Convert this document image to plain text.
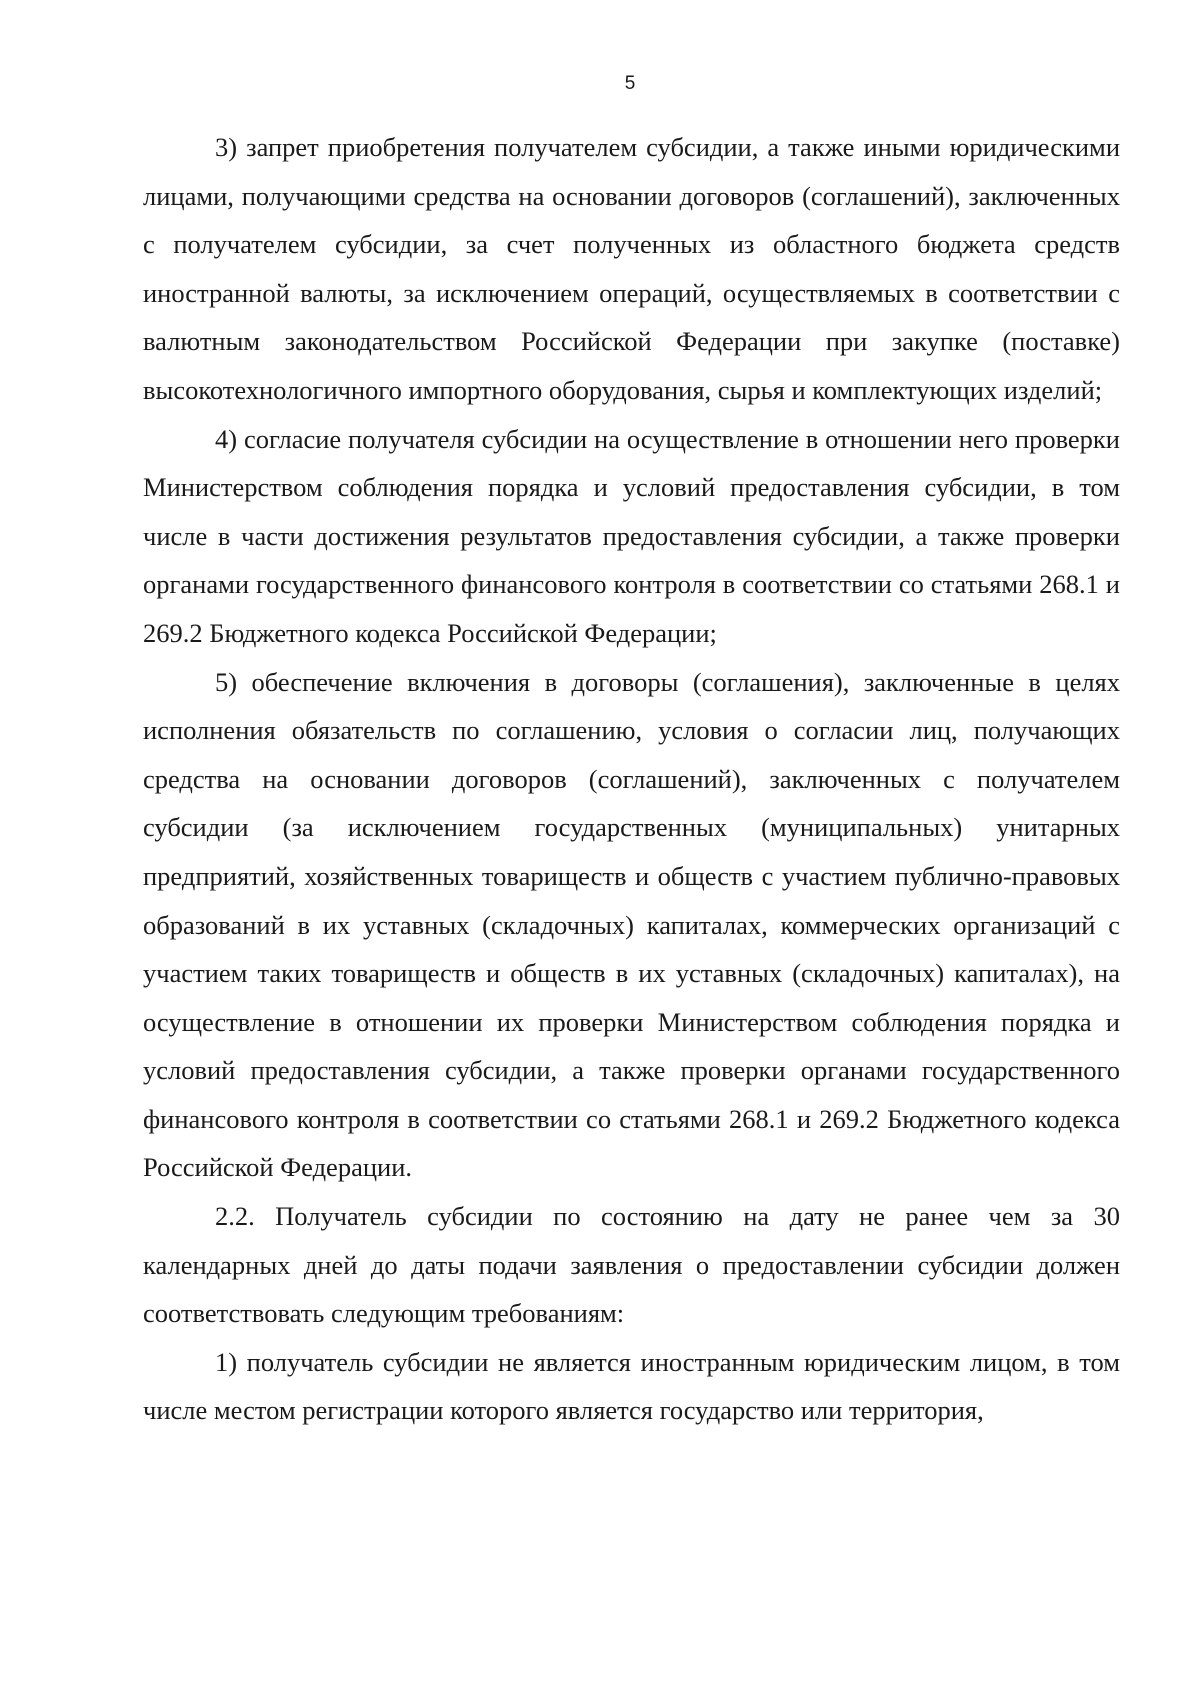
5

3) запрет приобретения получателем субсидии, а также иными юридическими лицами, получающими средства на основании договоров (соглашений), заключенных с получателем субсидии, за счет полученных из областного бюджета средств иностранной валюты, за исключением операций, осуществляемых в соответствии с валютным законодательством Российской Федерации при закупке (поставке) высокотехнологичного импортного оборудования, сырья и комплектующих изделий;

4) согласие получателя субсидии на осуществление в отношении него проверки Министерством соблюдения порядка и условий предоставления субсидии, в том числе в части достижения результатов предоставления субсидии, а также проверки органами государственного финансового контроля в соответствии со статьями 268.1 и 269.2 Бюджетного кодекса Российской Федерации;

5) обеспечение включения в договоры (соглашения), заключенные в целях исполнения обязательств по соглашению, условия о согласии лиц, получающих средства на основании договоров (соглашений), заключенных с получателем субсидии (за исключением государственных (муниципальных) унитарных предприятий, хозяйственных товариществ и обществ с участием публично-правовых образований в их уставных (складочных) капиталах, коммерческих организаций с участием таких товариществ и обществ в их уставных (складочных) капиталах), на осуществление в отношении их проверки Министерством соблюдения порядка и условий предоставления субсидии, а также проверки органами государственного финансового контроля в соответствии со статьями 268.1 и 269.2 Бюджетного кодекса Российской Федерации.

2.2. Получатель субсидии по состоянию на дату не ранее чем за 30 календарных дней до даты подачи заявления о предоставлении субсидии должен соответствовать следующим требованиям:

1) получатель субсидии не является иностранным юридическим лицом, в том числе местом регистрации которого является государство или территория,
